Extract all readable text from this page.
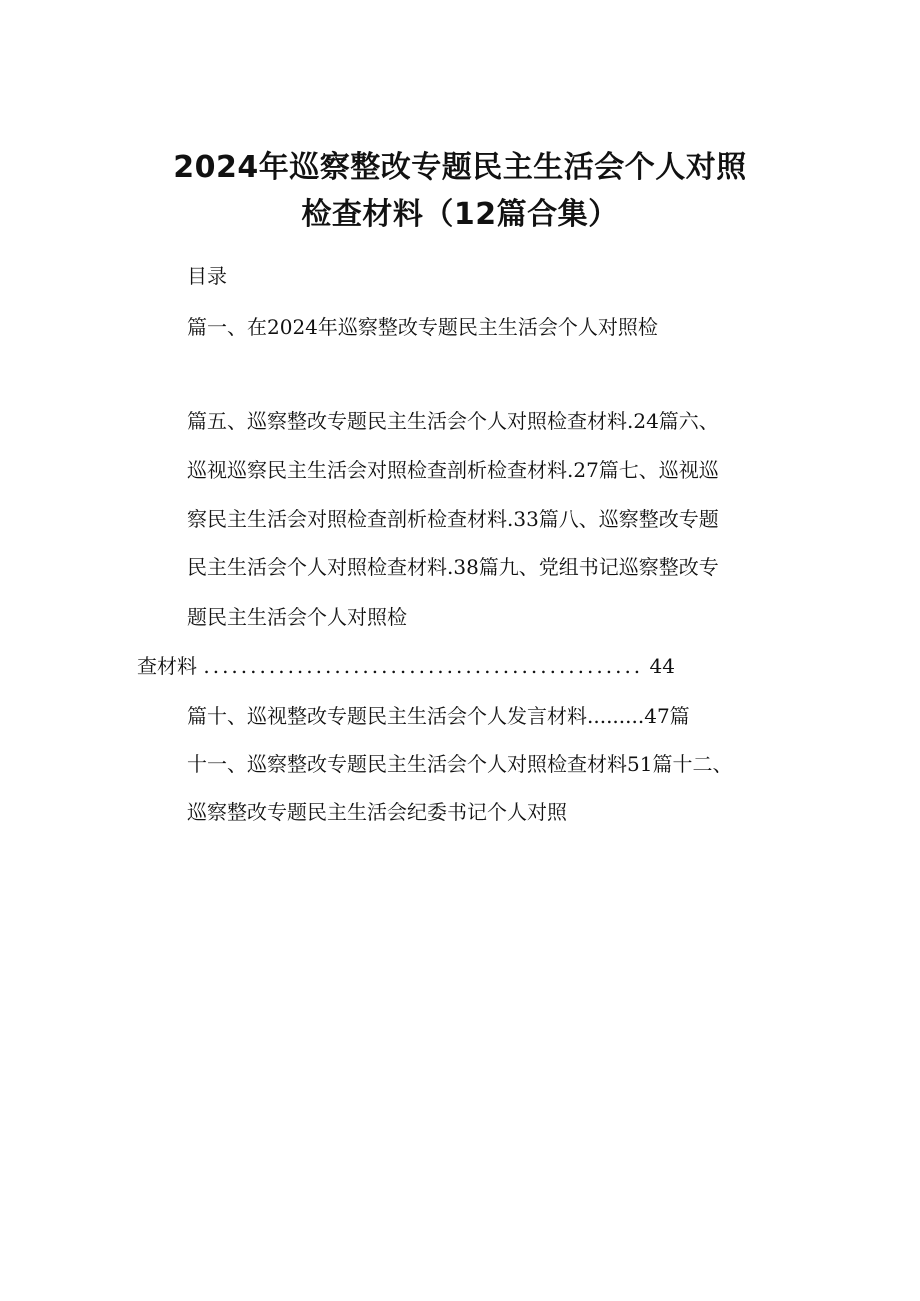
2024年巡察整改专题民主生活会个人对照
检查材料（12篇合集）
目录
篇一、在2024年巡察整改专题民主生活会个人对照检
篇五、巡察整改专题民主生活会个人对照检查材料.24篇六、
巡视巡察民主生活会对照检查剖析检查材料.27篇七、巡视巡
察民主生活会对照检查剖析检查材料.33篇八、巡察整改专题
民主生活会个人对照检查材料.38篇九、党组书记巡察整改专
题民主生活会个人对照检
查材料 ............................................... 44
篇十、巡视整改专题民主生活会个人发言材料.........47篇
十一、巡察整改专题民主生活会个人对照检查材料51篇十二、
巡察整改专题民主生活会纪委书记个人对照
